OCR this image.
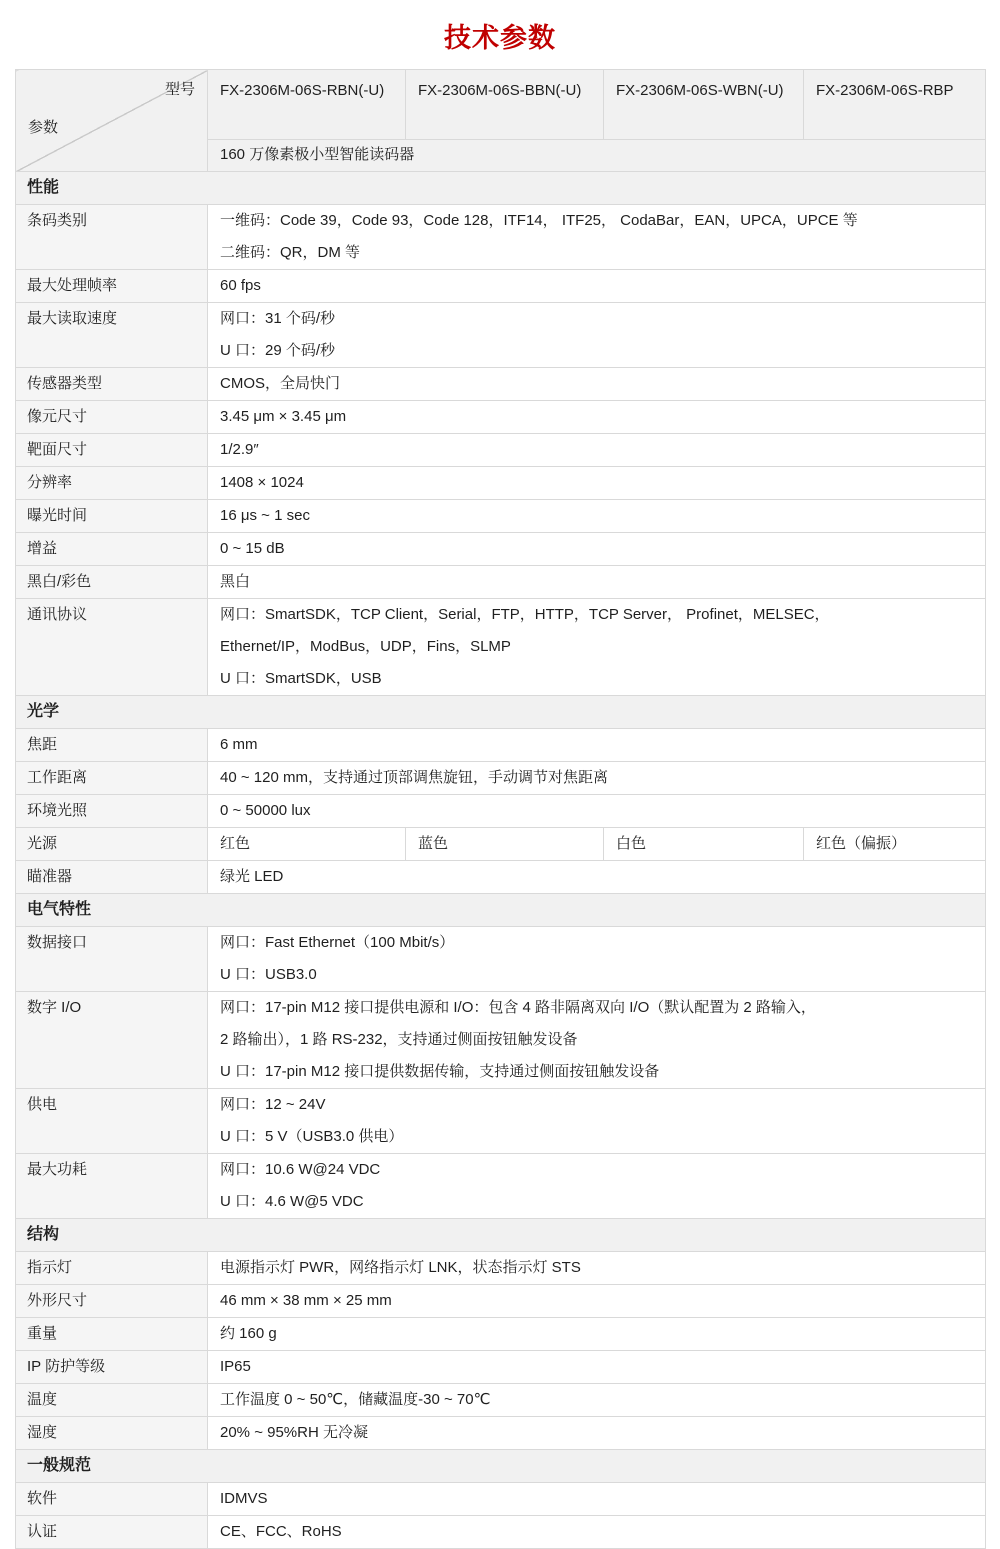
技术参数
型号
参数	FX-2306M-06S-RBN(-U)	FX-2306M-06S-BBN(-U)	FX-2306M-06S-WBN(-U)	FX-2306M-06S-RBP
	160 万像素极小型智能读码器			
性能				
条码类别	一维码：Code 39，Code 93，Code 128，ITF14， ITF25， CodaBar，EAN，UPCA，UPCE 等
二维码：QR，DM 等			

最大处理帧率	60 fps			

最大读取速度	网口：31 个码/秒
U 口：29 个码/秒			

传感器类型	CMOS，全局快门			

像元尺寸	3.45 μm × 3.45 μm			

靶面尺寸	1/2.9″			

分辨率	1408 × 1024			

曝光时间	16 μs ~ 1 sec			

增益	0 ~ 15 dB			

黑白/彩色	黑白			

通讯协议	网口：SmartSDK，TCP Client，Serial，FTP，HTTP，TCP Server， Profinet，MELSEC，
Ethernet/IP，ModBus，UDP，Fins，SLMP
U 口：SmartSDK，USB			

光学				
焦距	6 mm			

工作距离	40 ~ 120 mm，支持通过顶部调焦旋钮，手动调节对焦距离			

环境光照	0 ~ 50000 lux			

光源	红色	蓝色	白色	红色（偏振）

瞄准器	绿光 LED			

电气特性				
数据接口	网口：Fast Ethernet（100 Mbit/s）
U 口：USB3.0			

数字 I/O	网口：17-pin M12 接口提供电源和 I/O：包含 4 路非隔离双向 I/O（默认配置为 2 路输入，
2 路输出），1 路 RS-232，支持通过侧面按钮触发设备
U 口：17-pin M12 接口提供数据传输，支持通过侧面按钮触发设备			

供电	网口：12 ~ 24V
U 口：5 V（USB3.0 供电）			

最大功耗	网口：10.6 W@24 VDC
U 口：4.6 W@5 VDC			

结构				
指示灯	电源指示灯 PWR，网络指示灯 LNK，状态指示灯 STS			

外形尺寸	46 mm × 38 mm × 25 mm			

重量	约 160 g			

IP 防护等级	IP65			

温度	工作温度 0 ~ 50℃，储藏温度-30 ~ 70℃			

湿度	20% ~ 95%RH 无冷凝			

一般规范				
软件	IDMVS			

认证	CE、FCC、RoHS			
